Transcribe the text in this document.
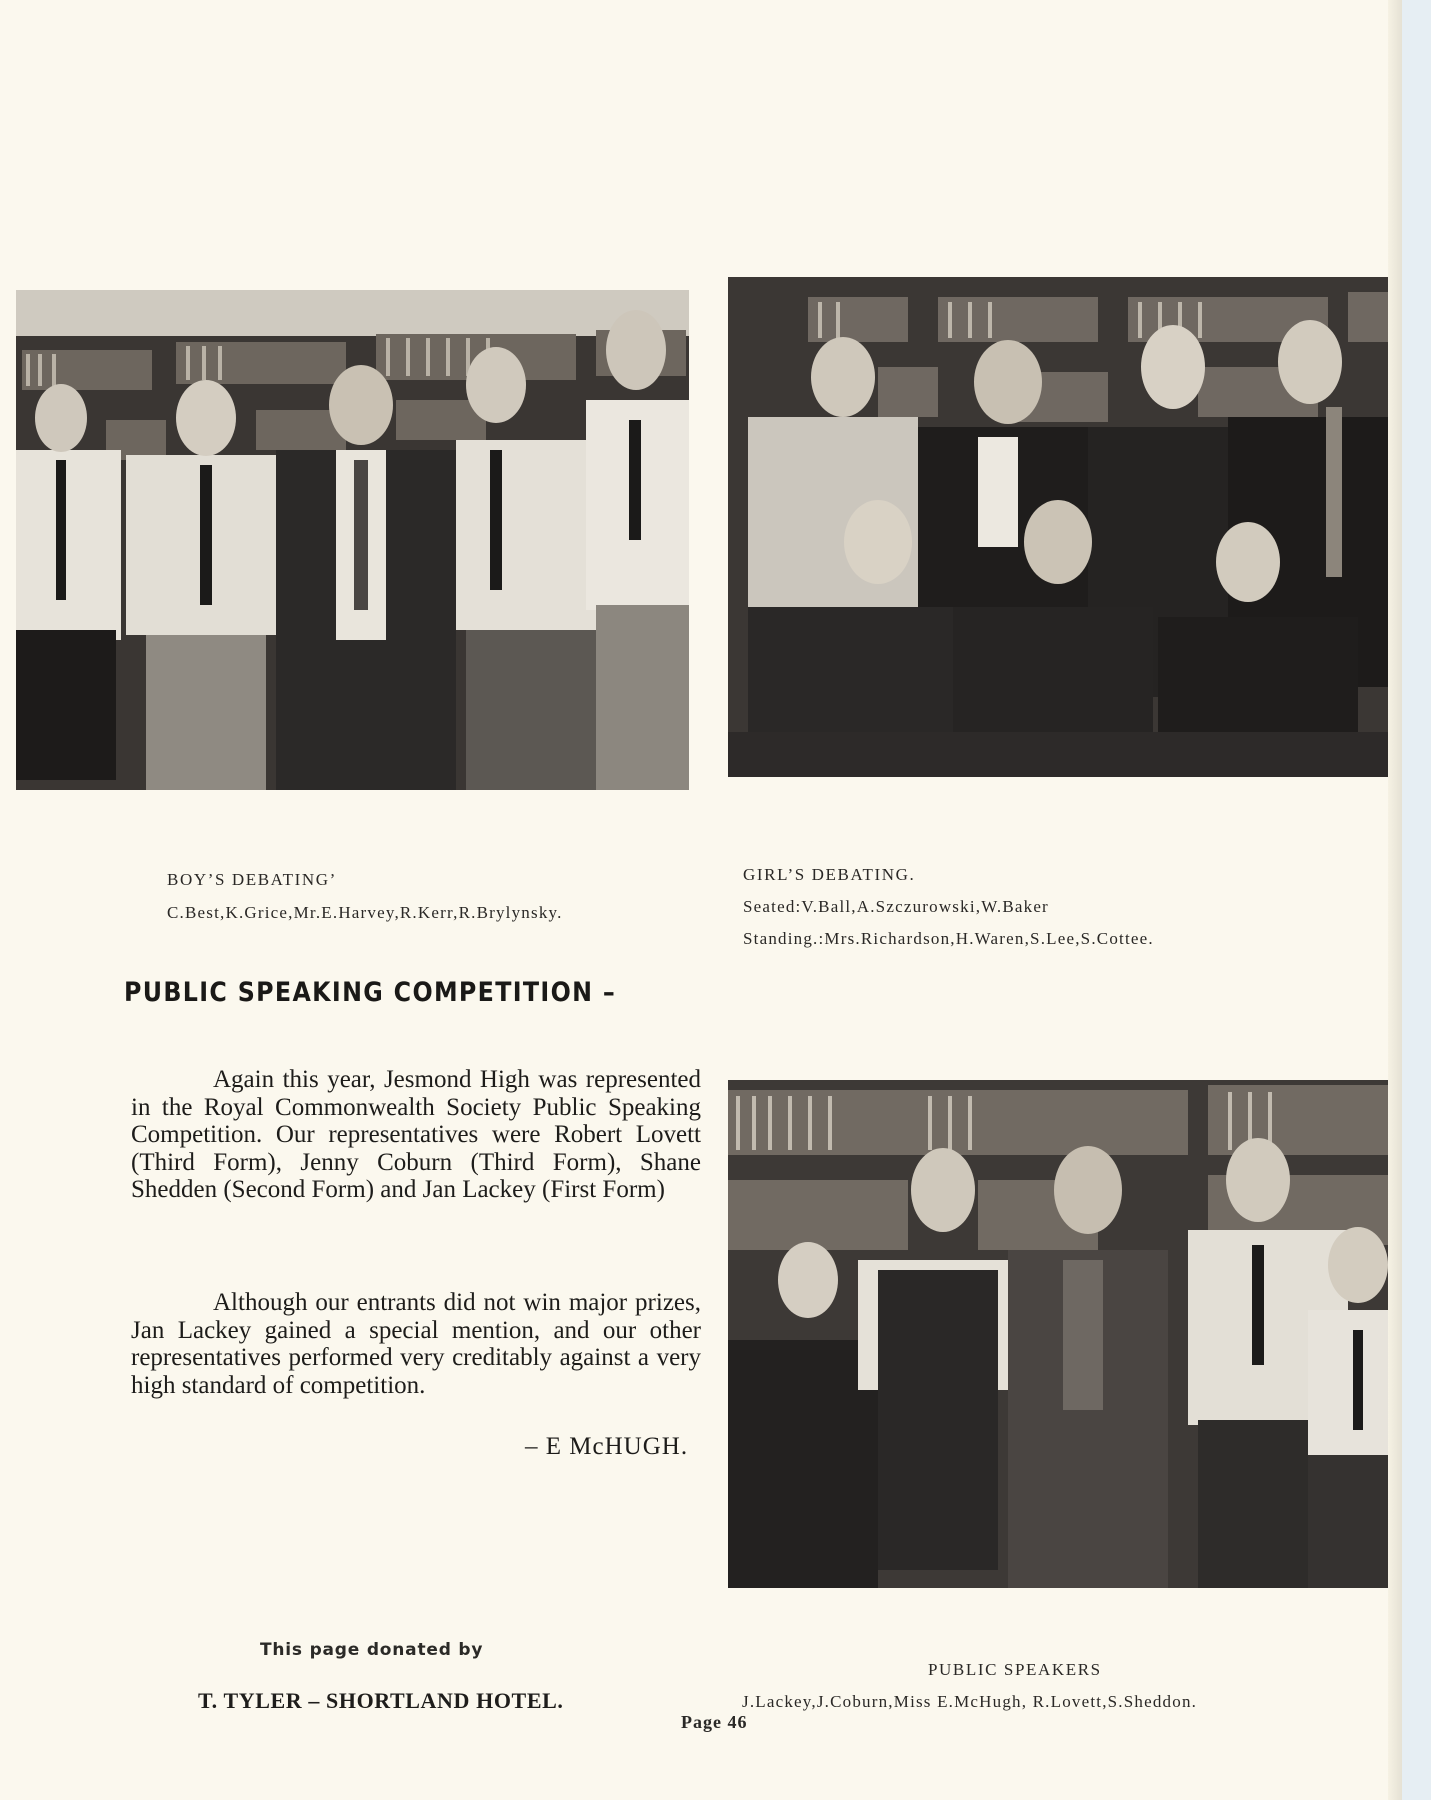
BOY’S DEBATING’
C.Best,K.Grice,Mr.E.Harvey,R.Kerr,R.Brylynsky.
GIRL’S DEBATING.
Seated:V.Ball,A.Szczurowski,W.Baker
Standing.:Mrs.Richardson,H.Waren,S.Lee,S.Cottee.
PUBLIC SPEAKERS
J.Lackey,J.Coburn,Miss E.McHugh, R.Lovett,S.Sheddon.
PUBLIC SPEAKING COMPETITION –

Again this year, Jesmond High was represented in the Royal Commonwealth Society Public Speaking Competition. Our representatives were Robert Lovett (Third Form), Jenny Coburn (Third Form), Shane Shedden (Second Form) and Jan Lackey (First Form)

Although our entrants did not win major prizes, Jan Lackey gained a special mention, and our other representatives performed very creditably against a very high standard of competition.

– E McHUGH.
This page donated by
T. TYLER – SHORTLAND HOTEL.
Page 46
